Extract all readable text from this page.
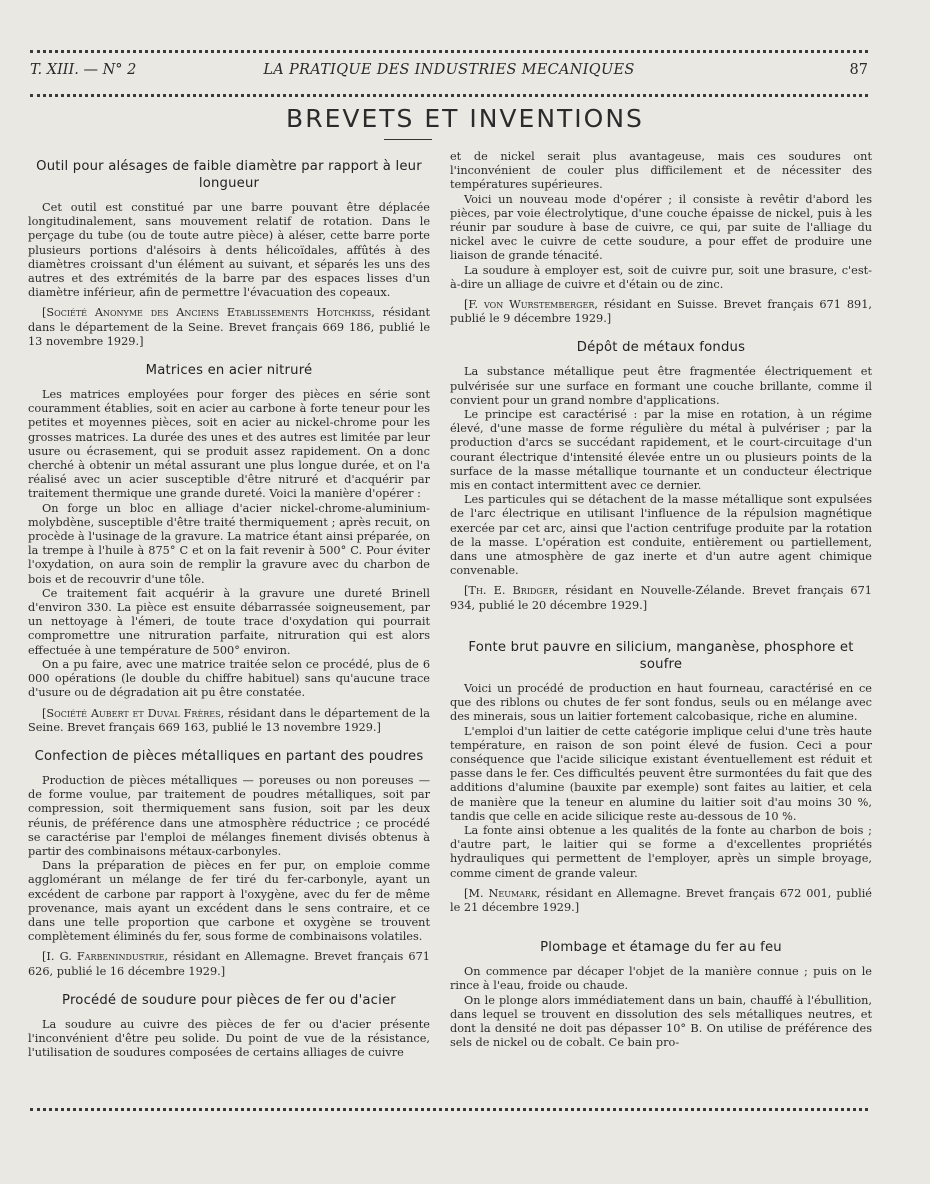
T. XIII. — N° 2	LA PRATIQUE DES INDUSTRIES MECANIQUES	87
BREVETS ET INVENTIONS
Outil pour alésages de faible diamètre par rapport à leur longueur

Cet outil est constitué par une barre pouvant être déplacée longitudinalement, sans mouvement relatif de rotation. Dans le perçage du tube (ou de toute autre pièce) à aléser, cette barre porte plusieurs portions d'alésoirs à dents hélicoïdales, affûtés à des diamètres croissant d'un élément au suivant, et séparés les uns des autres et des extrémités de la barre par des espaces lisses d'un diamètre inférieur, afin de permettre l'évacuation des copeaux.

[Société Anonyme des Anciens Etablissements Hotchkiss, résidant dans le département de la Seine. Brevet français 669 186, publié le 13 novembre 1929.]

Matrices en acier nitruré

Les matrices employées pour forger des pièces en série sont couramment établies, soit en acier au carbone à forte teneur pour les petites et moyennes pièces, soit en acier au nickel-chrome pour les grosses matrices. La durée des unes et des autres est limitée par leur usure ou écrasement, qui se produit assez rapidement. On a donc cherché à obtenir un métal assurant une plus longue durée, et on l'a réalisé avec un acier susceptible d'être nitruré et d'acquérir par traitement thermique une grande dureté. Voici la manière d'opérer :

On forge un bloc en alliage d'acier nickel-chrome-aluminium-molybdène, susceptible d'être traité thermiquement ; après recuit, on procède à l'usinage de la gravure. La matrice étant ainsi préparée, on la trempe à l'huile à 875° C et on la fait revenir à 500° C. Pour éviter l'oxydation, on aura soin de remplir la gravure avec du charbon de bois et de recouvrir d'une tôle.

Ce traitement fait acquérir à la gravure une dureté Brinell d'environ 330. La pièce est ensuite débarrassée soigneusement, par un nettoyage à l'émeri, de toute trace d'oxydation qui pourrait compromettre une nitruration parfaite, nitruration qui est alors effectuée à une température de 500° environ.

On a pu faire, avec une matrice traitée selon ce procédé, plus de 6 000 opérations (le double du chiffre habituel) sans qu'aucune trace d'usure ou de dégradation ait pu être constatée.

[Société Aubert et Duval Frères, résidant dans le département de la Seine. Brevet français 669 163, publié le 13 novembre 1929.]

Confection de pièces métalliques en partant des poudres

Production de pièces métalliques — poreuses ou non poreuses — de forme voulue, par traitement de poudres métalliques, soit par compression, soit thermiquement sans fusion, soit par les deux réunis, de préférence dans une atmosphère réductrice ; ce procédé se caractérise par l'emploi de mélanges finement divisés obtenus à partir des combinaisons métaux-carbonyles.

Dans la préparation de pièces en fer pur, on emploie comme agglomérant un mélange de fer tiré du fer-carbonyle, ayant un excédent de carbone par rapport à l'oxygène, avec du fer de même provenance, mais ayant un excédent dans le sens contraire, et ce dans une telle proportion que carbone et oxygène se trouvent complètement éliminés du fer, sous forme de combinaisons volatiles.

[I. G. Farbenindustrie, résidant en Allemagne. Brevet français 671 626, publié le 16 décembre 1929.]

Procédé de soudure pour pièces de fer ou d'acier

La soudure au cuivre des pièces de fer ou d'acier présente l'inconvénient d'être peu solide. Du point de vue de la résistance, l'utilisation de soudures composées de certains alliages de cuivre

et de nickel serait plus avantageuse, mais ces soudures ont l'inconvénient de couler plus difficilement et de nécessiter des températures supérieures.

Voici un nouveau mode d'opérer ; il consiste à revêtir d'abord les pièces, par voie électrolytique, d'une couche épaisse de nickel, puis à les réunir par soudure à base de cuivre, ce qui, par suite de l'alliage du nickel avec le cuivre de cette soudure, a pour effet de produire une liaison de grande ténacité.

La soudure à employer est, soit de cuivre pur, soit une brasure, c'est-à-dire un alliage de cuivre et d'étain ou de zinc.

[F. von Wurstemberger, résidant en Suisse. Brevet français 671 891, publié le 9 décembre 1929.]

Dépôt de métaux fondus

La substance métallique peut être fragmentée électriquement et pulvérisée sur une surface en formant une couche brillante, comme il convient pour un grand nombre d'applications.

Le principe est caractérisé : par la mise en rotation, à un régime élevé, d'une masse de forme régulière du métal à pulvériser ; par la production d'arcs se succédant rapidement, et le court-circuitage d'un courant électrique d'intensité élevée entre un ou plusieurs points de la surface de la masse métallique tournante et un conducteur électrique mis en contact intermittent avec ce dernier.

Les particules qui se détachent de la masse métallique sont expulsées de l'arc électrique en utilisant l'influence de la répulsion magnétique exercée par cet arc, ainsi que l'action centrifuge produite par la rotation de la masse. L'opération est conduite, entièrement ou partiellement, dans une atmosphère de gaz inerte et d'un autre agent chimique convenable.

[Th. E. Bridger, résidant en Nouvelle-Zélande. Brevet français 671 934, publié le 20 décembre 1929.]

Fonte brut pauvre en silicium, manganèse, phosphore et soufre

Voici un procédé de production en haut fourneau, caractérisé en ce que des riblons ou chutes de fer sont fondus, seuls ou en mélange avec des minerais, sous un laitier fortement calcobasique, riche en alumine.

L'emploi d'un laitier de cette catégorie implique celui d'une très haute température, en raison de son point élevé de fusion. Ceci a pour conséquence que l'acide silicique existant éventuellement est réduit et passe dans le fer. Ces difficultés peuvent être surmontées du fait que des additions d'alumine (bauxite par exemple) sont faites au laitier, et cela de manière que la teneur en alumine du laitier soit d'au moins 30 %, tandis que celle en acide silicique reste au-dessous de 10 %.

La fonte ainsi obtenue a les qualités de la fonte au charbon de bois ; d'autre part, le laitier qui se forme a d'excellentes propriétés hydrauliques qui permettent de l'employer, après un simple broyage, comme ciment de grande valeur.

[M. Neumark, résidant en Allemagne. Brevet français 672 001, publié le 21 décembre 1929.]

Plombage et étamage du fer au feu

On commence par décaper l'objet de la manière connue ; puis on le rince à l'eau, froide ou chaude.

On le plonge alors immédiatement dans un bain, chauffé à l'ébullition, dans lequel se trouvent en dissolution des sels métalliques neutres, et dont la densité ne doit pas dépasser 10° B. On utilise de préférence des sels de nickel ou de cobalt. Ce bain pro-
